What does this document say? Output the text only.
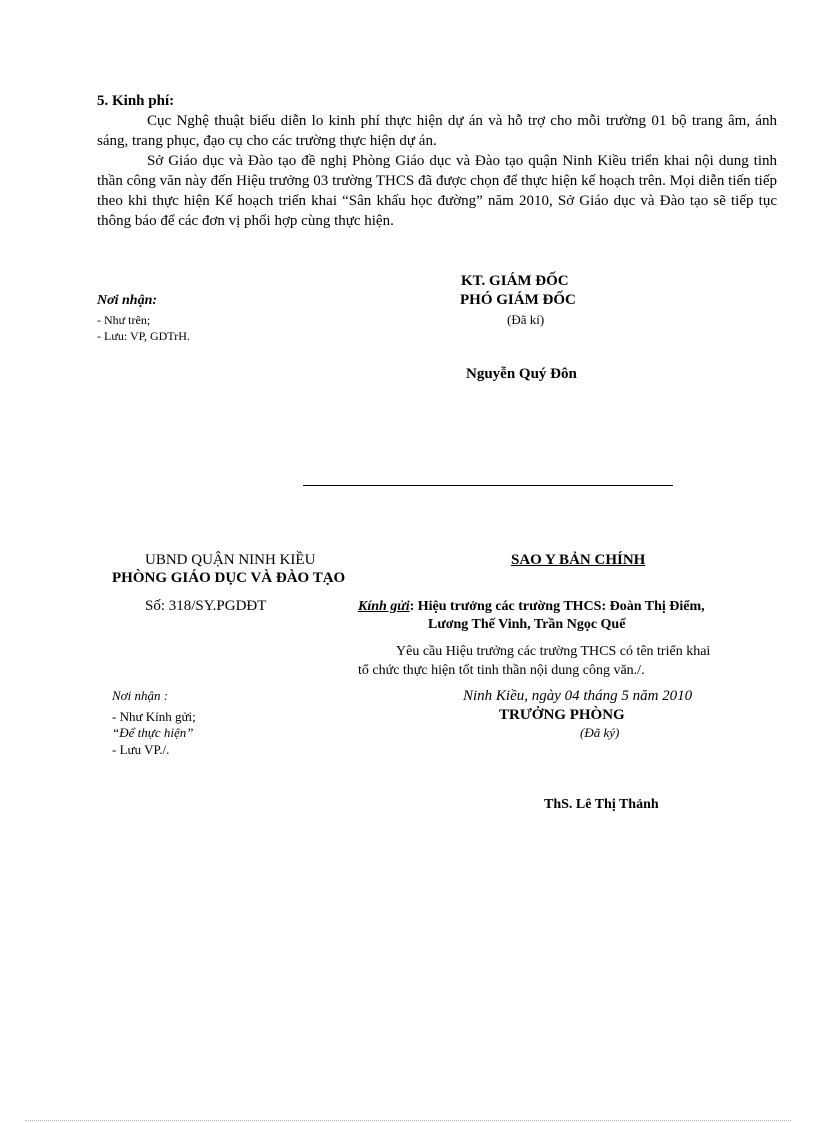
5. Kinh phí:
Cục Nghệ thuật biểu diễn lo kinh phí thực hiện dự án và hỗ trợ cho mỗi trường 01 bộ trang âm, ánh sáng, trang phục, đạo cụ cho các trường thực hiện dự án.
Sở Giáo dục và Đào tạo đề nghị Phòng Giáo dục và Đào tạo quận Ninh Kiều triển khai nội dung tinh thần công văn này đến Hiệu trưởng 03 trường THCS đã được chọn để thực hiện kế hoạch trên. Mọi diễn tiến tiếp theo khi thực hiện Kế hoạch triển khai “Sân khấu học đường” năm 2010, Sở Giáo dục và Đào tạo sẽ tiếp tục thông báo để các đơn vị phối hợp cùng thực hiện.
KT. GIÁM ĐỐC
PHÓ GIÁM ĐỐC
(Đã kí)
Nguyễn Quý Đôn
Nơi nhận:
- Như trên;
- Lưu: VP, GDTrH.
UBND QUẬN NINH KIỀU
PHÒNG GIÁO DỤC VÀ ĐÀO TẠO
SAO Y BẢN CHÍNH
Số: 318/SY.PGDĐT	Kính gửi: Hiệu trưởng các trường THCS: Đoàn Thị Điểm,
Lương Thế Vinh, Trần Ngọc Quế
Yêu cầu Hiệu trưởng các trường THCS có tên triển khai
tổ chức thực hiện tốt tinh thần nội dung công văn./.
Ninh Kiều, ngày 04 tháng 5 năm 2010
TRƯỞNG PHÒNG
(Đã ký)
ThS. Lê Thị Thảnh
Nơi nhận :
- Như Kính gửi;
“Để thực hiện”
- Lưu VP./.
